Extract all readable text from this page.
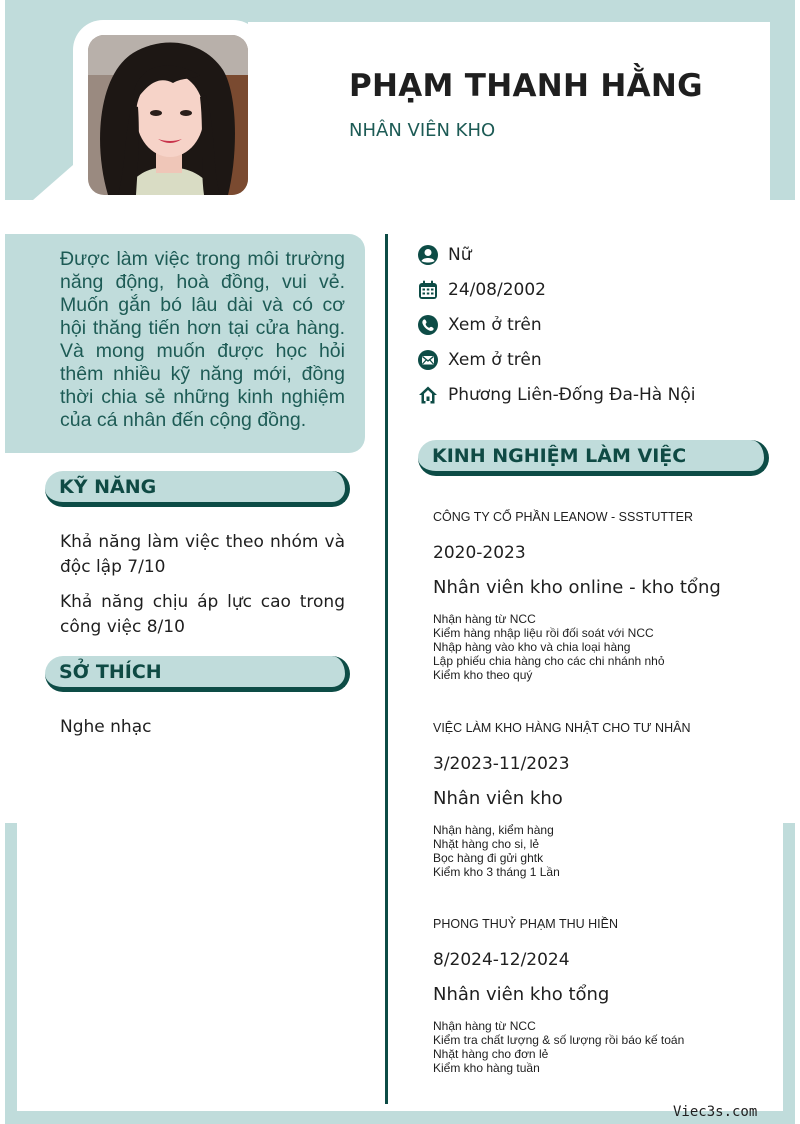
PHẠM THANH HẰNG
NHÂN VIÊN KHO

Được làm việc trong môi trường năng động, hoà đồng, vui vẻ. Muốn gắn bó lâu dài và có cơ hội thăng tiến hơn tại cửa hàng. Và mong muốn được học hỏi thêm nhiều kỹ năng mới, đồng thời chia sẻ những kinh nghiệm của cá nhân đến cộng đồng.

KỸ NĂNG
Khả năng làm việc theo nhóm và độc lập 7/10
Khả năng chịu áp lực cao trong công việc 8/10
SỞ THÍCH
Nghe nhạc
Nữ
24/08/2002
Xem ở trên
Xem ở trên
Phương Liên-Đống Đa-Hà Nội
KINH NGHIỆM LÀM VIỆC
CÔNG TY CỔ PHẦN LEANOW - SSSTUTTER
2020-2023
Nhân viên kho online - kho tổng
Nhận hàng từ NCC
Kiểm hàng nhập liệu rồi đối soát với NCC
Nhập hàng vào kho và chia loại hàng
Lập phiếu chia hàng cho các chi nhánh nhỏ
Kiểm kho theo quý
VIỆC LÀM KHO HÀNG NHẬT CHO TƯ NHÂN
3/2023-11/2023
Nhân viên kho
Nhận hàng, kiểm hàng
Nhặt hàng cho si, lẻ
Bọc hàng đi gửi ghtk
Kiểm kho 3 tháng 1 Lần
PHONG THUỶ PHẠM THU HIỀN
8/2024-12/2024
Nhân viên kho tổng
Nhận hàng từ NCC
Kiểm tra chất lượng & số lượng rồi báo kế toán
Nhặt hàng cho đơn lẻ
Kiểm kho hàng tuần
Viec3s.com
